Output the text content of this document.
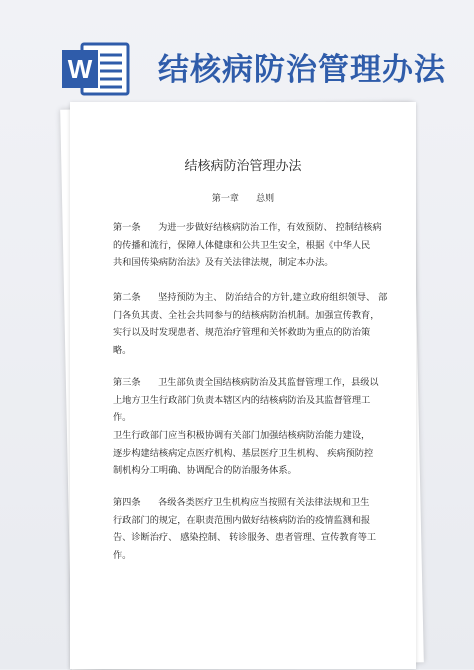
W 结核病防治管理办法
结核病防治管理办法
第一章      总则
第一条      为进一步做好结核病防治工作，有效预防、 控制结核病
的传播和流行，保障人体健康和公共卫生安全，根据《中华人民
共和国传染病防治法》及有关法律法规，制定本办法。
第二条      坚持预防为主、 防治结合的方针,建立政府组织领导、 部
门各负其责、全社会共同参与的结核病防治机制。加强宣传教育，
实行以及时发现患者、规范治疗管理和关怀救助为重点的防治策
略。
第三条      卫生部负责全国结核病防治及其监督管理工作，县级以
上地方卫生行政部门负责本辖区内的结核病防治及其监督管理工
作。
卫生行政部门应当积极协调有关部门加强结核病防治能力建设，
逐步构建结核病定点医疗机构、基层医疗卫生机构、 疾病预防控
制机构分工明确、协调配合的防治服务体系。
第四条      各级各类医疗卫生机构应当按照有关法律法规和卫生
行政部门的规定，在职责范围内做好结核病防治的疫情监测和报
告、诊断治疗、 感染控制、 转诊服务、患者管理、宣传教育等工
作。
